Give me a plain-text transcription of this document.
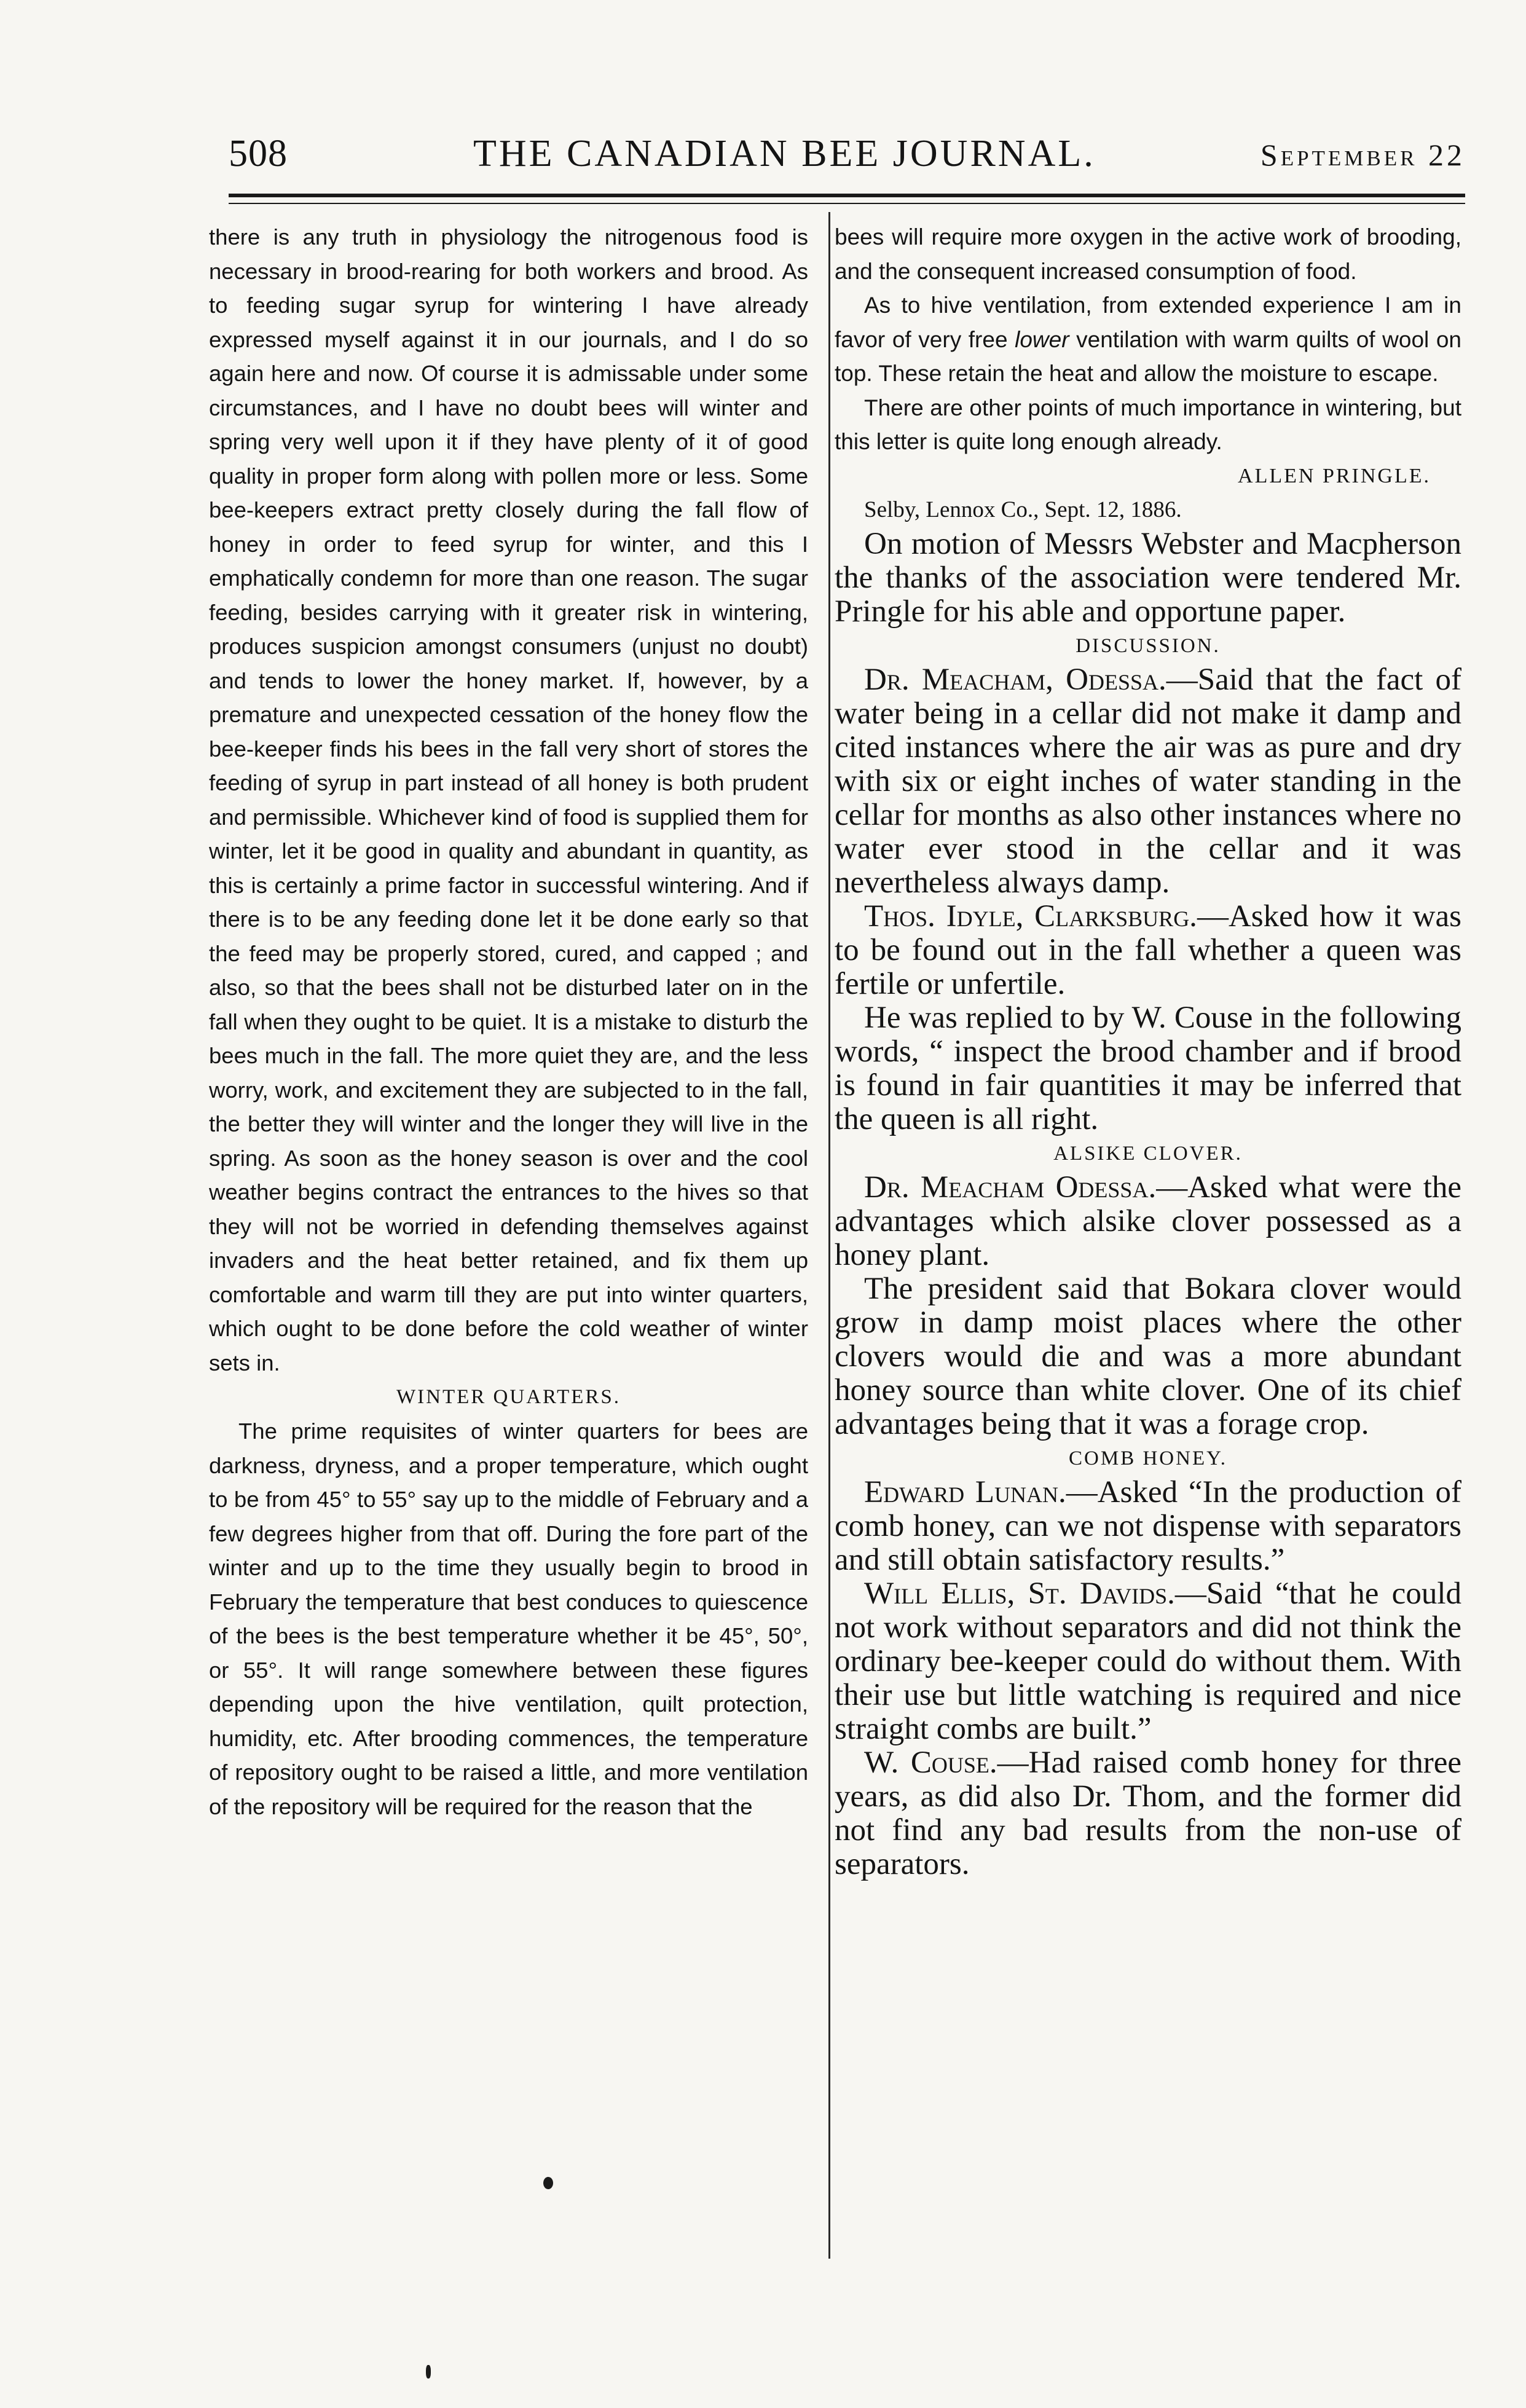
508	THE CANADIAN BEE JOURNAL.	September 22

there is any truth in physiology the nitrogenous food is necessary in brood-rearing for both workers and brood. As to feeding sugar syrup for wintering I have already expressed myself against it in our journals, and I do so again here and now. Of course it is admissable under some circumstances, and I have no doubt bees will winter and spring very well upon it if they have plenty of it of good quality in proper form along with pollen more or less. Some bee-keepers extract pretty closely during the fall flow of honey in order to feed syrup for winter, and this I emphatically condemn for more than one reason. The sugar feeding, besides carrying with it greater risk in wintering, produces suspicion amongst consumers (unjust no doubt) and tends to lower the honey market. If, however, by a premature and unexpected cessation of the honey flow the bee-keeper finds his bees in the fall very short of stores the feeding of syrup in part instead of all honey is both prudent and permissible. Whichever kind of food is supplied them for winter, let it be good in quality and abundant in quantity, as this is certainly a prime factor in successful wintering. And if there is to be any feeding done let it be done early so that the feed may be properly stored, cured, and capped ; and also, so that the bees shall not be disturbed later on in the fall when they ought to be quiet. It is a mistake to disturb the bees much in the fall. The more quiet they are, and the less worry, work, and excitement they are subjected to in the fall, the better they will winter and the longer they will live in the spring. As soon as the honey season is over and the cool weather begins contract the entrances to the hives so that they will not be worried in defending themselves against invaders and the heat better retained, and fix them up comfortable and warm till they are put into winter quarters, which ought to be done before the cold weather of winter sets in.

WINTER QUARTERS.

The prime requisites of winter quarters for bees are darkness, dryness, and a proper temperature, which ought to be from 45° to 55° say up to the middle of February and a few degrees higher from that off. During the fore part of the winter and up to the time they usually begin to brood in February the temperature that best conduces to quiescence of the bees is the best temperature whether it be 45°, 50°, or 55°. It will range somewhere between these figures depending upon the hive ventilation, quilt protection, humidity, etc. After brooding commences, the temperature of repository ought to be raised a little, and more ventilation of the repository will be required for the reason that the

bees will require more oxygen in the active work of brooding, and the consequent increased consumption of food.

As to hive ventilation, from extended experience I am in favor of very free lower ventilation with warm quilts of wool on top. These retain the heat and allow the moisture to escape.

There are other points of much importance in wintering, but this letter is quite long enough already.

ALLEN PRINGLE.
Selby, Lennox Co., Sept. 12, 1886.

On motion of Messrs Webster and Macpherson the thanks of the association were tendered Mr. Pringle for his able and opportune paper.

DISCUSSION.

Dr. Meacham, Odessa.—Said that the fact of water being in a cellar did not make it damp and cited instances where the air was as pure and dry with six or eight inches of water standing in the cellar for months as also other instances where no water ever stood in the cellar and it was nevertheless always damp.

Thos. Idyle, Clarksburg.—Asked how it was to be found out in the fall whether a queen was fertile or unfertile.

He was replied to by W. Couse in the following words, “ inspect the brood chamber and if brood is found in fair quantities it may be inferred that the queen is all right.

ALSIKE CLOVER.

Dr. Meacham Odessa.—Asked what were the advantages which alsike clover possessed as a honey plant.

The president said that Bokara clover would grow in damp moist places where the other clovers would die and was a more abundant honey source than white clover. One of its chief advantages being that it was a forage crop.

COMB HONEY.

Edward Lunan.—Asked “In the production of comb honey, can we not dispense with separators and still obtain satisfactory results.”

Will Ellis, St. Davids.—Said “that he could not work without separators and did not think the ordinary bee-keeper could do without them. With their use but little watching is required and nice straight combs are built.”

W. Couse.—Had raised comb honey for three years, as did also Dr. Thom, and the former did not find any bad results from the non-use of separators.
